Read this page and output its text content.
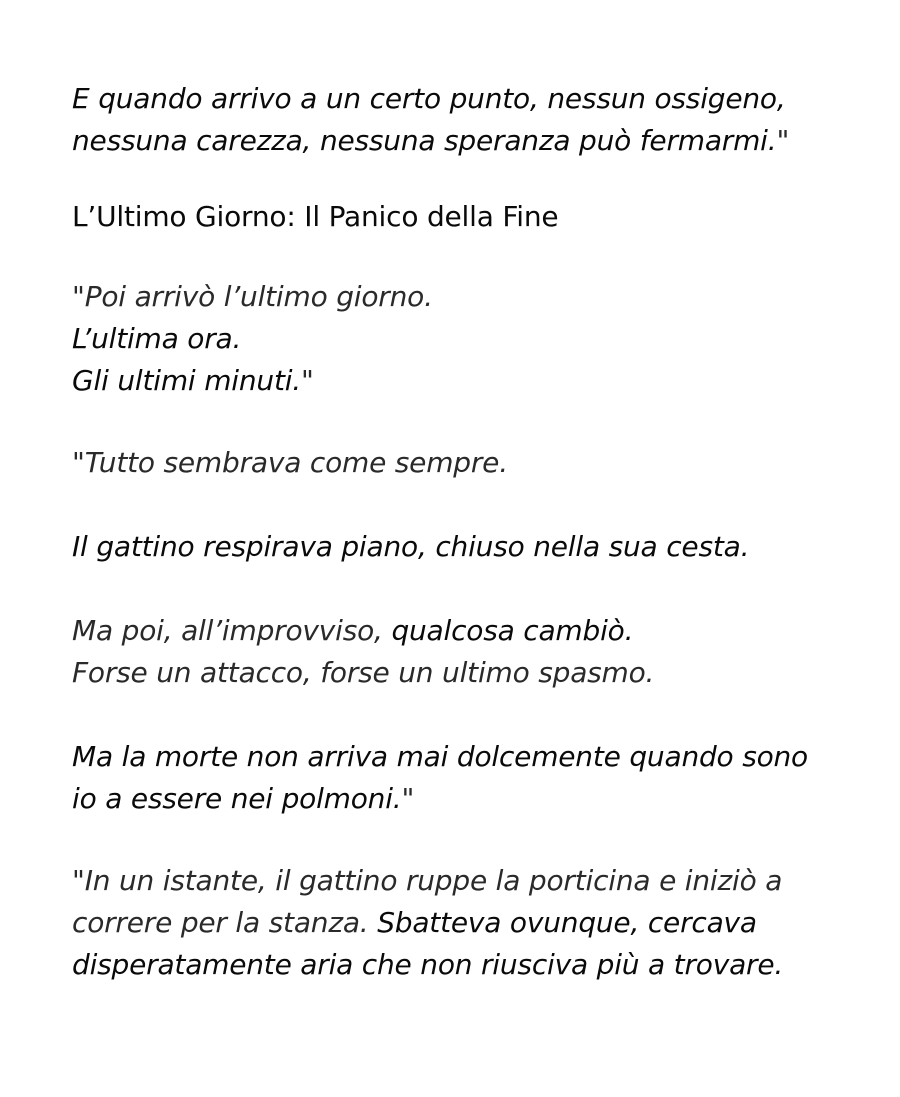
E quando arrivo a un certo punto, nessun ossigeno, nessuna carezza, nessuna speranza può fermarmi."

L’Ultimo Giorno: Il Panico della Fine

"Poi arrivò l’ultimo giorno.
L’ultima ora.
Gli ultimi minuti."

"Tutto sembrava come sempre.

Il gattino respirava piano, chiuso nella sua cesta.

Ma poi, all’improvviso, qualcosa cambiò.
Forse un attacco, forse un ultimo spasmo.

Ma la morte non arriva mai dolcemente quando sono io a essere nei polmoni."

"In un istante, il gattino ruppe la porticina e iniziò a correre per la stanza. Sbatteva ovunque, cercava disperatamente aria che non riusciva più a trovare.
